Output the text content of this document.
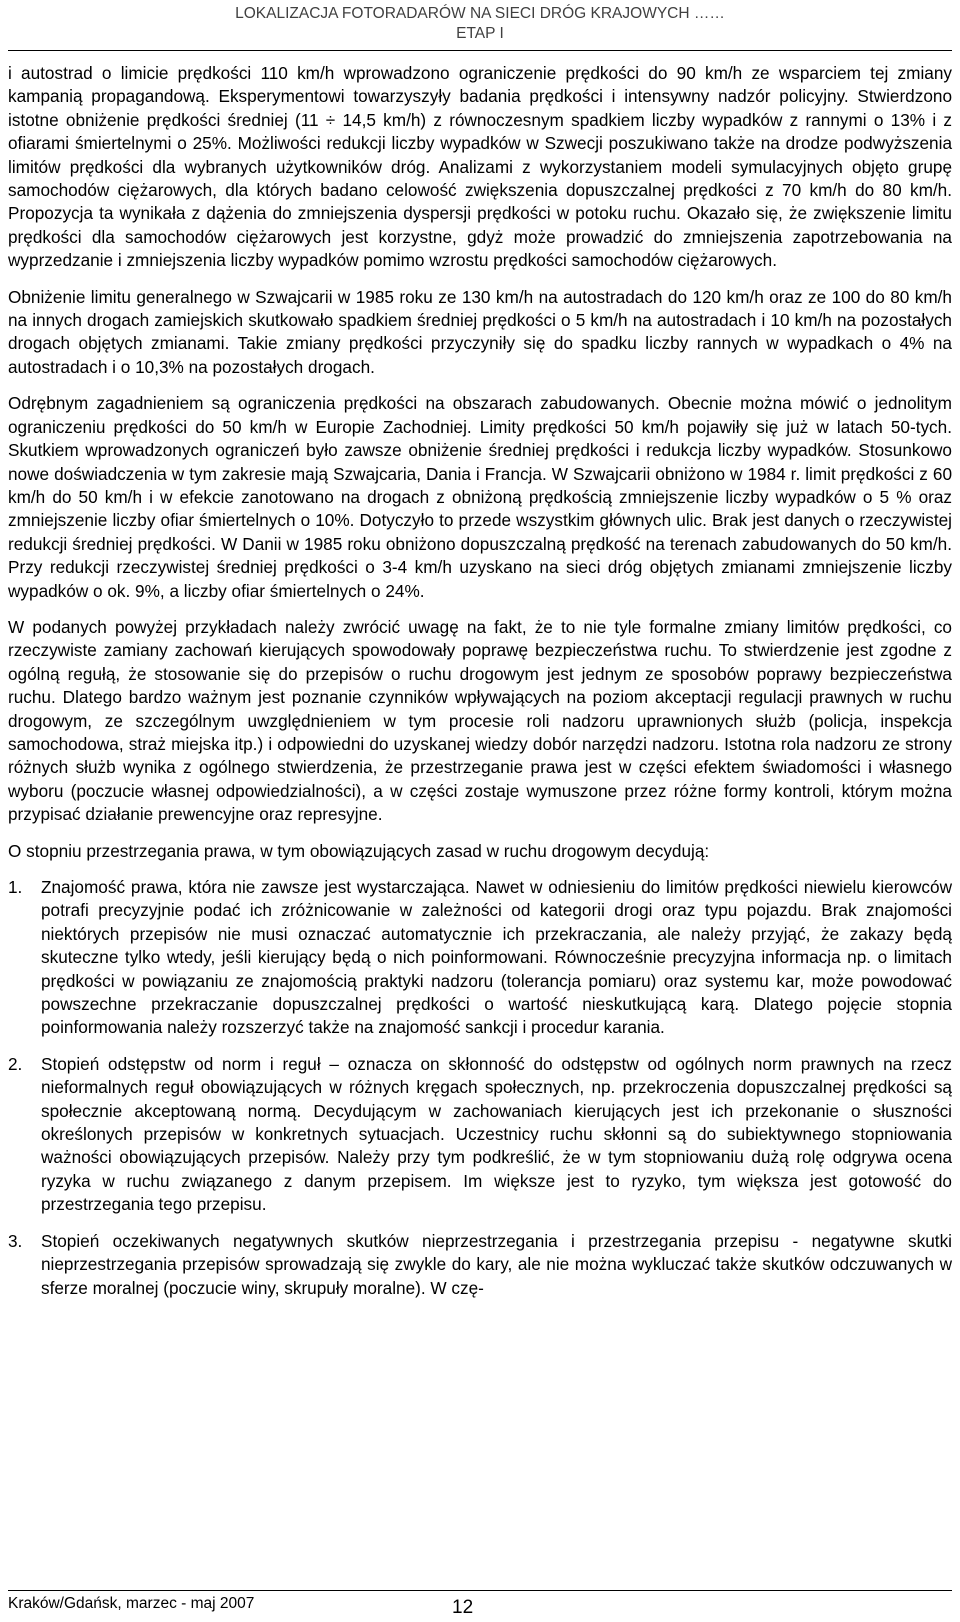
LOKALIZACJA FOTORADARÓW NA SIECI DRÓG KRAJOWYCH ……
ETAP I

i autostrad o limicie prędkości 110 km/h wprowadzono ograniczenie prędkości do 90 km/h ze wsparciem tej zmiany kampanią propagandową. Eksperymentowi towarzyszyły badania prędkości i intensywny nadzór policyjny. Stwierdzono istotne obniżenie prędkości średniej (11 ÷ 14,5 km/h) z równoczesnym spadkiem liczby wypadków z rannymi o 13% i z ofiarami śmiertelnymi o 25%. Możliwości redukcji liczby wypadków w Szwecji poszukiwano także na drodze podwyższenia limitów prędkości dla wybranych użytkowników dróg. Analizami z wykorzystaniem modeli symulacyjnych objęto grupę samochodów ciężarowych, dla których badano celowość zwiększenia dopuszczalnej prędkości z 70 km/h do 80 km/h. Propozycja ta wynikała z dążenia do zmniejszenia dyspersji prędkości w potoku ruchu. Okazało się, że zwiększenie limitu prędkości dla samochodów ciężarowych jest korzystne, gdyż może prowadzić do zmniejszenia zapotrzebowania na wyprzedzanie i zmniejszenia liczby wypadków pomimo wzrostu prędkości samochodów ciężarowych.

Obniżenie limitu generalnego w Szwajcarii w 1985 roku ze 130 km/h na autostradach do 120 km/h oraz ze 100 do 80 km/h na innych drogach zamiejskich skutkowało spadkiem średniej prędkości o 5 km/h na autostradach i 10 km/h na pozostałych drogach objętych zmianami. Takie zmiany prędkości przyczyniły się do spadku liczby rannych w wypadkach o 4% na autostradach i o 10,3% na pozostałych drogach.

Odrębnym zagadnieniem są ograniczenia prędkości na obszarach zabudowanych. Obecnie można mówić o jednolitym ograniczeniu prędkości do 50 km/h w Europie Zachodniej. Limity prędkości 50 km/h pojawiły się już w latach 50-tych. Skutkiem wprowadzonych ograniczeń było zawsze obniżenie średniej prędkości i redukcja liczby wypadków. Stosunkowo nowe doświadczenia w tym zakresie mają Szwajcaria, Dania i Francja. W Szwajcarii obniżono w 1984 r. limit prędkości z 60 km/h do 50 km/h i w efekcie zanotowano na drogach z obniżoną prędkością zmniejszenie liczby wypadków o 5 % oraz zmniejszenie liczby ofiar śmiertelnych o 10%. Dotyczyło to przede wszystkim głównych ulic. Brak jest danych o rzeczywistej redukcji średniej prędkości. W Danii w 1985 roku obniżono dopuszczalną prędkość na terenach zabudowanych do 50 km/h. Przy redukcji rzeczywistej średniej prędkości o 3-4 km/h uzyskano na sieci dróg objętych zmianami zmniejszenie liczby wypadków o ok. 9%, a liczby ofiar śmiertelnych o 24%.

W podanych powyżej przykładach należy zwrócić uwagę na fakt, że to nie tyle formalne zmiany limitów prędkości, co rzeczywiste zamiany zachowań kierujących spowodowały poprawę bezpieczeństwa ruchu. To stwierdzenie jest zgodne z ogólną regułą, że stosowanie się do przepisów o ruchu drogowym jest jednym ze sposobów poprawy bezpieczeństwa ruchu. Dlatego bardzo ważnym jest poznanie czynników wpływających na poziom akceptacji regulacji prawnych w ruchu drogowym, ze szczególnym uwzględnieniem w tym procesie roli nadzoru uprawnionych służb (policja, inspekcja samochodowa, straż miejska itp.) i odpowiedni do uzyskanej wiedzy dobór narzędzi nadzoru. Istotna rola nadzoru ze strony różnych służb wynika z ogólnego stwierdzenia, że przestrzeganie prawa jest w części efektem świadomości i własnego wyboru (poczucie własnej odpowiedzialności), a w części zostaje wymuszone przez różne formy kontroli, którym można przypisać działanie prewencyjne oraz represyjne.

O stopniu przestrzegania prawa, w tym obowiązujących zasad w ruchu drogowym decydują:

1. Znajomość prawa, która nie zawsze jest wystarczająca. Nawet w odniesieniu do limitów prędkości niewielu kierowców potrafi precyzyjnie podać ich zróżnicowanie w zależności od kategorii drogi oraz typu pojazdu. Brak znajomości niektórych przepisów nie musi oznaczać automatycznie ich przekraczania, ale należy przyjąć, że zakazy będą skuteczne tylko wtedy, jeśli kierujący będą o nich poinformowani. Równocześnie precyzyjna informacja np. o limitach prędkości w powiązaniu ze znajomością praktyki nadzoru (tolerancja pomiaru) oraz systemu kar, może powodować powszechne przekraczanie dopuszczalnej prędkości o wartość nieskutkującą karą. Dlatego pojęcie stopnia poinformowania należy rozszerzyć także na znajomość sankcji i procedur karania.
2. Stopień odstępstw od norm i reguł – oznacza on skłonność do odstępstw od ogólnych norm prawnych na rzecz nieformalnych reguł obowiązujących w różnych kręgach społecznych, np. przekroczenia dopuszczalnej prędkości są społecznie akceptowaną normą. Decydującym w zachowaniach kierujących jest ich przekonanie o słuszności określonych przepisów w konkretnych sytuacjach. Uczestnicy ruchu skłonni są do subiektywnego stopniowania ważności obowiązujących przepisów. Należy przy tym podkreślić, że w tym stopniowaniu dużą rolę odgrywa ocena ryzyka w ruchu związanego z danym przepisem. Im większe jest to ryzyko, tym większa jest gotowość do przestrzegania tego przepisu.
3. Stopień oczekiwanych negatywnych skutków nieprzestrzegania i przestrzegania przepisu - negatywne skutki nieprzestrzegania przepisów sprowadzają się zwykle do kary, ale nie można wykluczać także skutków odczuwanych w sferze moralnej (poczucie winy, skrupuły moralne). W czę-
Kraków/Gdańsk, marzec - maj 2007	12
